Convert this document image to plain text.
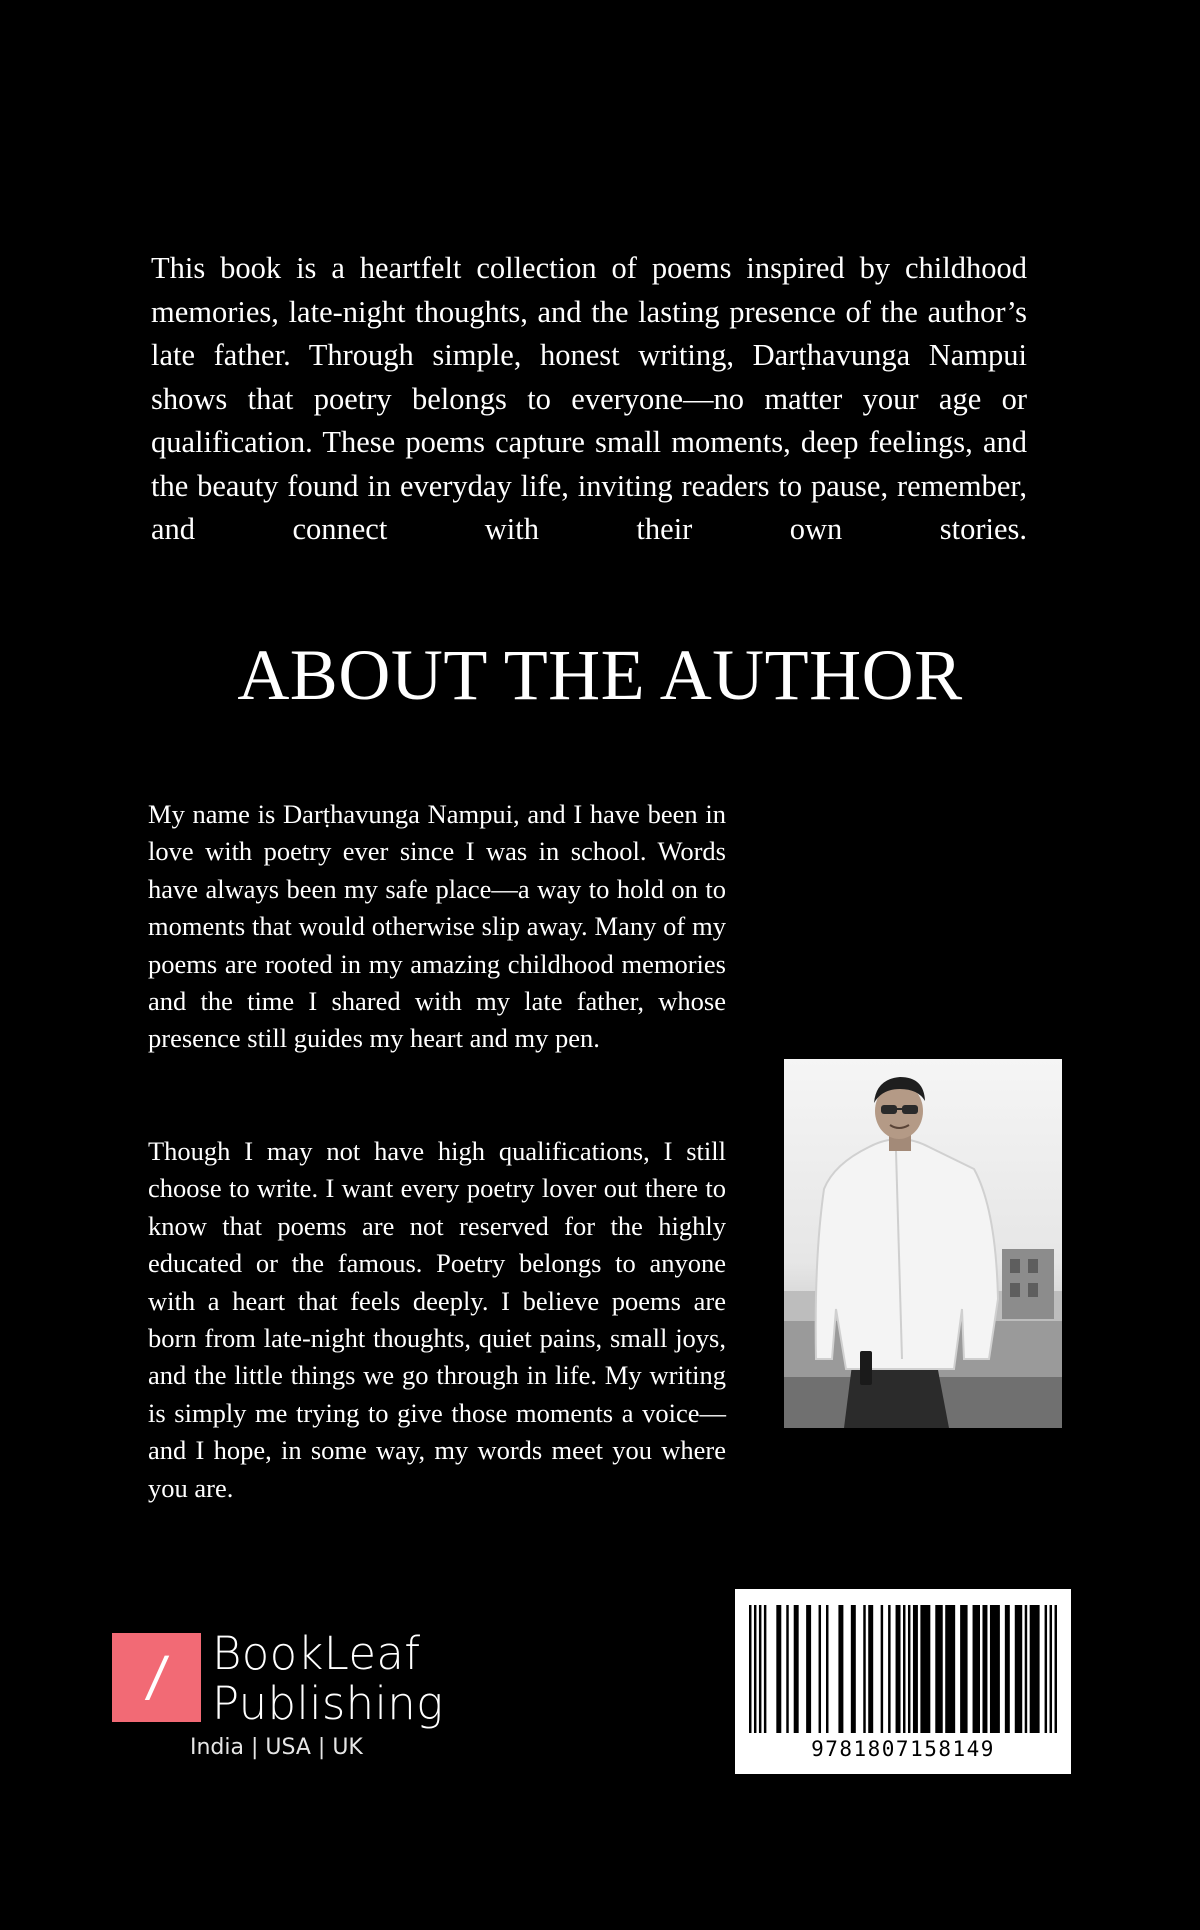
This book is a heartfelt collection of poems inspired by childhood memories, late-night thoughts, and the lasting presence of the author’s late father. Through simple, honest writing, Darṭhavunga Nampui shows that poetry belongs to everyone—no matter your age or qualification. These poems capture small moments, deep feelings, and the beauty found in everyday life, inviting readers to pause, remember, and connect with their own stories.

ABOUT THE AUTHOR

My name is Darṭhavunga Nampui, and I have been in love with poetry ever since I was in school. Words have always been my safe place—a way to hold on to moments that would otherwise slip away. Many of my poems are rooted in my amazing childhood memories and the time I shared with my late father, whose presence still guides my heart and my pen.

Though I may not have high qualifications, I still choose to write. I want every poetry lover out there to know that poems are not reserved for the highly educated or the famous. Poetry belongs to anyone with a heart that feels deeply. I believe poems are born from late-night thoughts, quiet pains, small joys, and the little things we go through in life. My writing is simply me trying to give those moments a voice—and I hope, in some way, my words meet you where you are.

/ BookLeaf
Publishing
India | USA | UK	9781807158149
